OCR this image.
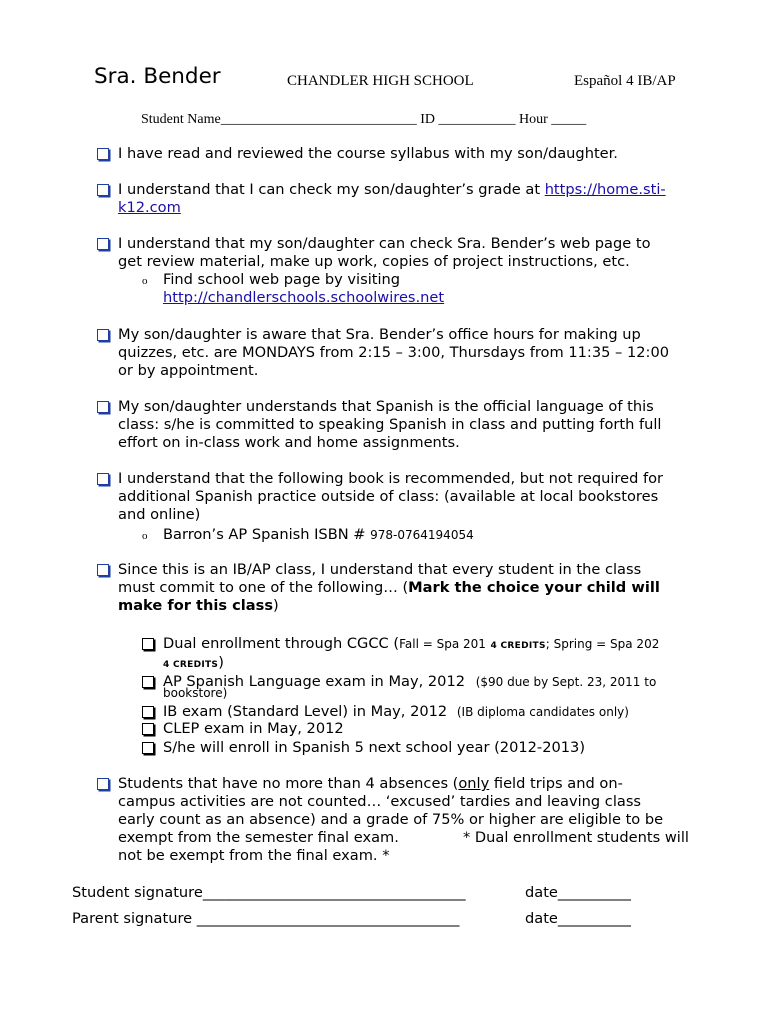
Sra. Bender	CHANDLER HIGH SCHOOL	Español 4 IB/AP
Student Name____________________________ ID ___________ Hour _____
I have read and reviewed the course syllabus with my son/daughter.
I understand that I can check my son/daughter’s grade at https://home.sti-
k12.com
I understand that my son/daughter can check Sra. Bender’s web page to
get review material, make up work, copies of project instructions, etc.
o Find school web page by visiting
http://chandlerschools.schoolwires.net
My son/daughter is aware that Sra. Bender’s office hours for making up
quizzes, etc. are MONDAYS from 2:15 – 3:00, Thursdays from 11:35 – 12:00
or by appointment.
My son/daughter understands that Spanish is the official language of this
class: s/he is committed to speaking Spanish in class and putting forth full
effort on in-class work and home assignments.
I understand that the following book is recommended, but not required for
additional Spanish practice outside of class: (available at local bookstores
and online)
o Barron’s AP Spanish ISBN # 978-0764194054
Since this is an IB/AP class, I understand that every student in the class
must commit to one of the following… (Mark the choice your child will
make for this class)
Dual enrollment through CGCC (Fall = Spa 201 4 CREDITS; Spring = Spa 202
4 CREDITS)
AP Spanish Language exam in May, 2012 ($90 due by Sept. 23, 2011 to
bookstore)
IB exam (Standard Level) in May, 2012 (IB diploma candidates only)
CLEP exam in May, 2012
S/he will enroll in Spanish 5 next school year (2012-2013)
Students that have no more than 4 absences (only field trips and on-
campus activities are not counted… ‘excused’ tardies and leaving class
early count as an absence) and a grade of 75% or higher are eligible to be
exempt from the semester final exam.	* Dual enrollment students will
not be exempt from the final exam. *
Student signature____________________________________	date__________
Parent signature ____________________________________	date__________
